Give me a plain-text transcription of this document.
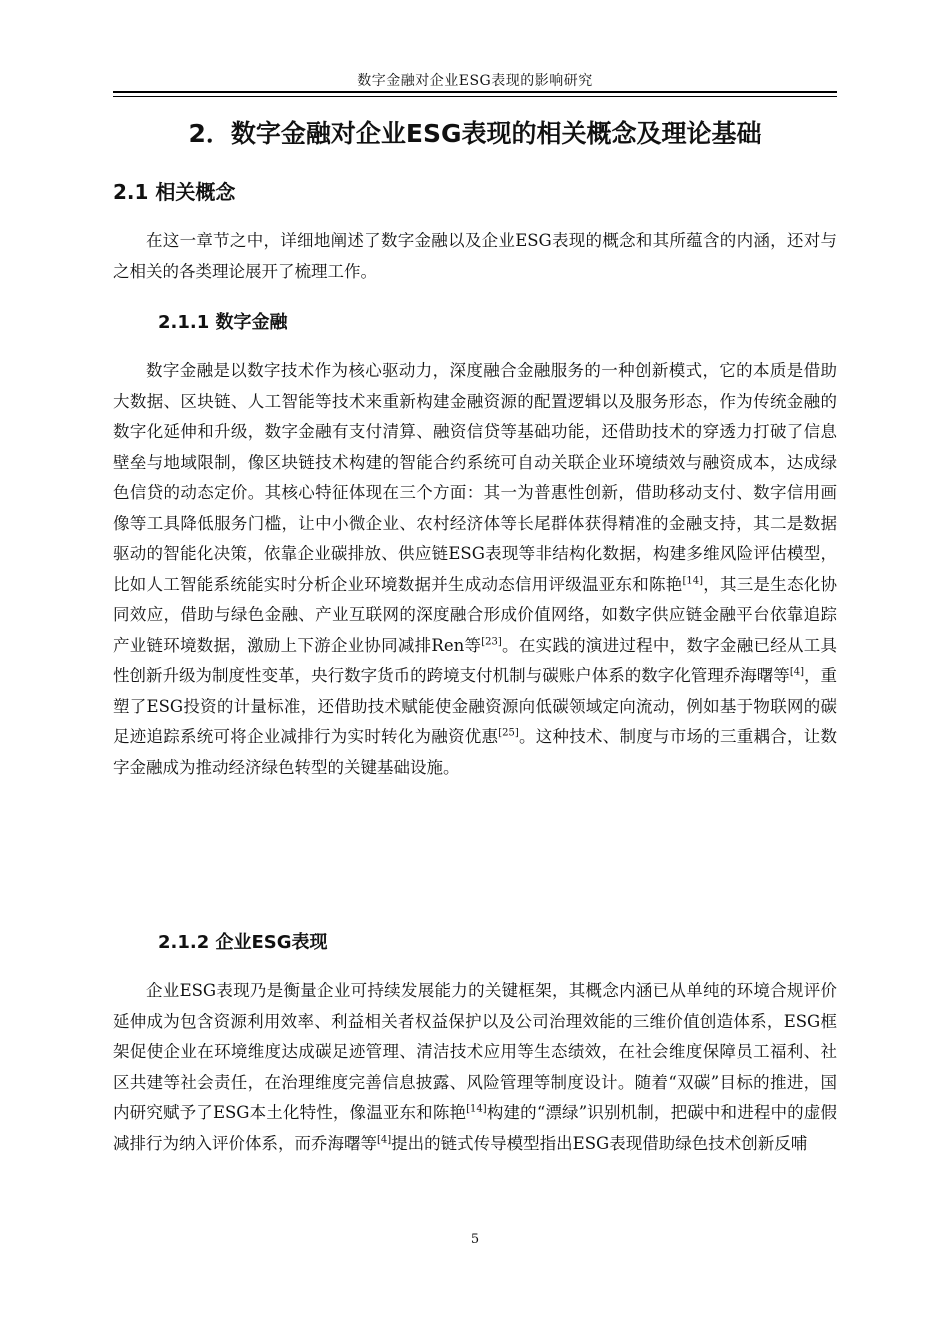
数字金融对企业ESG表现的影响研究
2．数字金融对企业ESG表现的相关概念及理论基础
2.1 相关概念
在这一章节之中，详细地阐述了数字金融以及企业ESG表现的概念和其所蕴含的内涵，还对与之相关的各类理论展开了梳理工作。
2.1.1 数字金融
数字金融是以数字技术作为核心驱动力，深度融合金融服务的一种创新模式，它的本质是借助大数据、区块链、人工智能等技术来重新构建金融资源的配置逻辑以及服务形态，作为传统金融的数字化延伸和升级，数字金融有支付清算、融资信贷等基础功能，还借助技术的穿透力打破了信息壁垒与地域限制，像区块链技术构建的智能合约系统可自动关联企业环境绩效与融资成本，达成绿色信贷的动态定价。其核心特征体现在三个方面：其一为普惠性创新，借助移动支付、数字信用画像等工具降低服务门槛，让中小微企业、农村经济体等长尾群体获得精准的金融支持，其二是数据驱动的智能化决策，依靠企业碳排放、供应链ESG表现等非结构化数据，构建多维风险评估模型，比如人工智能系统能实时分析企业环境数据并生成动态信用评级温亚东和陈艳[14]，其三是生态化协同效应，借助与绿色金融、产业互联网的深度融合形成价值网络，如数字供应链金融平台依靠追踪产业链环境数据，激励上下游企业协同减排Ren等[23]。在实践的演进过程中，数字金融已经从工具性创新升级为制度性变革，央行数字货币的跨境支付机制与碳账户体系的数字化管理乔海曙等[4]，重塑了ESG投资的计量标准，还借助技术赋能使金融资源向低碳领域定向流动，例如基于物联网的碳足迹追踪系统可将企业减排行为实时转化为融资优惠[25]。这种技术、制度与市场的三重耦合，让数字金融成为推动经济绿色转型的关键基础设施。
2.1.2 企业ESG表现
企业ESG表现乃是衡量企业可持续发展能力的关键框架，其概念内涵已从单纯的环境合规评价延伸成为包含资源利用效率、利益相关者权益保护以及公司治理效能的三维价值创造体系，ESG框架促使企业在环境维度达成碳足迹管理、清洁技术应用等生态绩效，在社会维度保障员工福利、社区共建等社会责任，在治理维度完善信息披露、风险管理等制度设计。随着“双碳”目标的推进，国内研究赋予了ESG本土化特性，像温亚东和陈艳[14]构建的“漂绿”识别机制，把碳中和进程中的虚假减排行为纳入评价体系，而乔海曙等[4]提出的链式传导模型指出ESG表现借助绿色技术创新反哺
5
